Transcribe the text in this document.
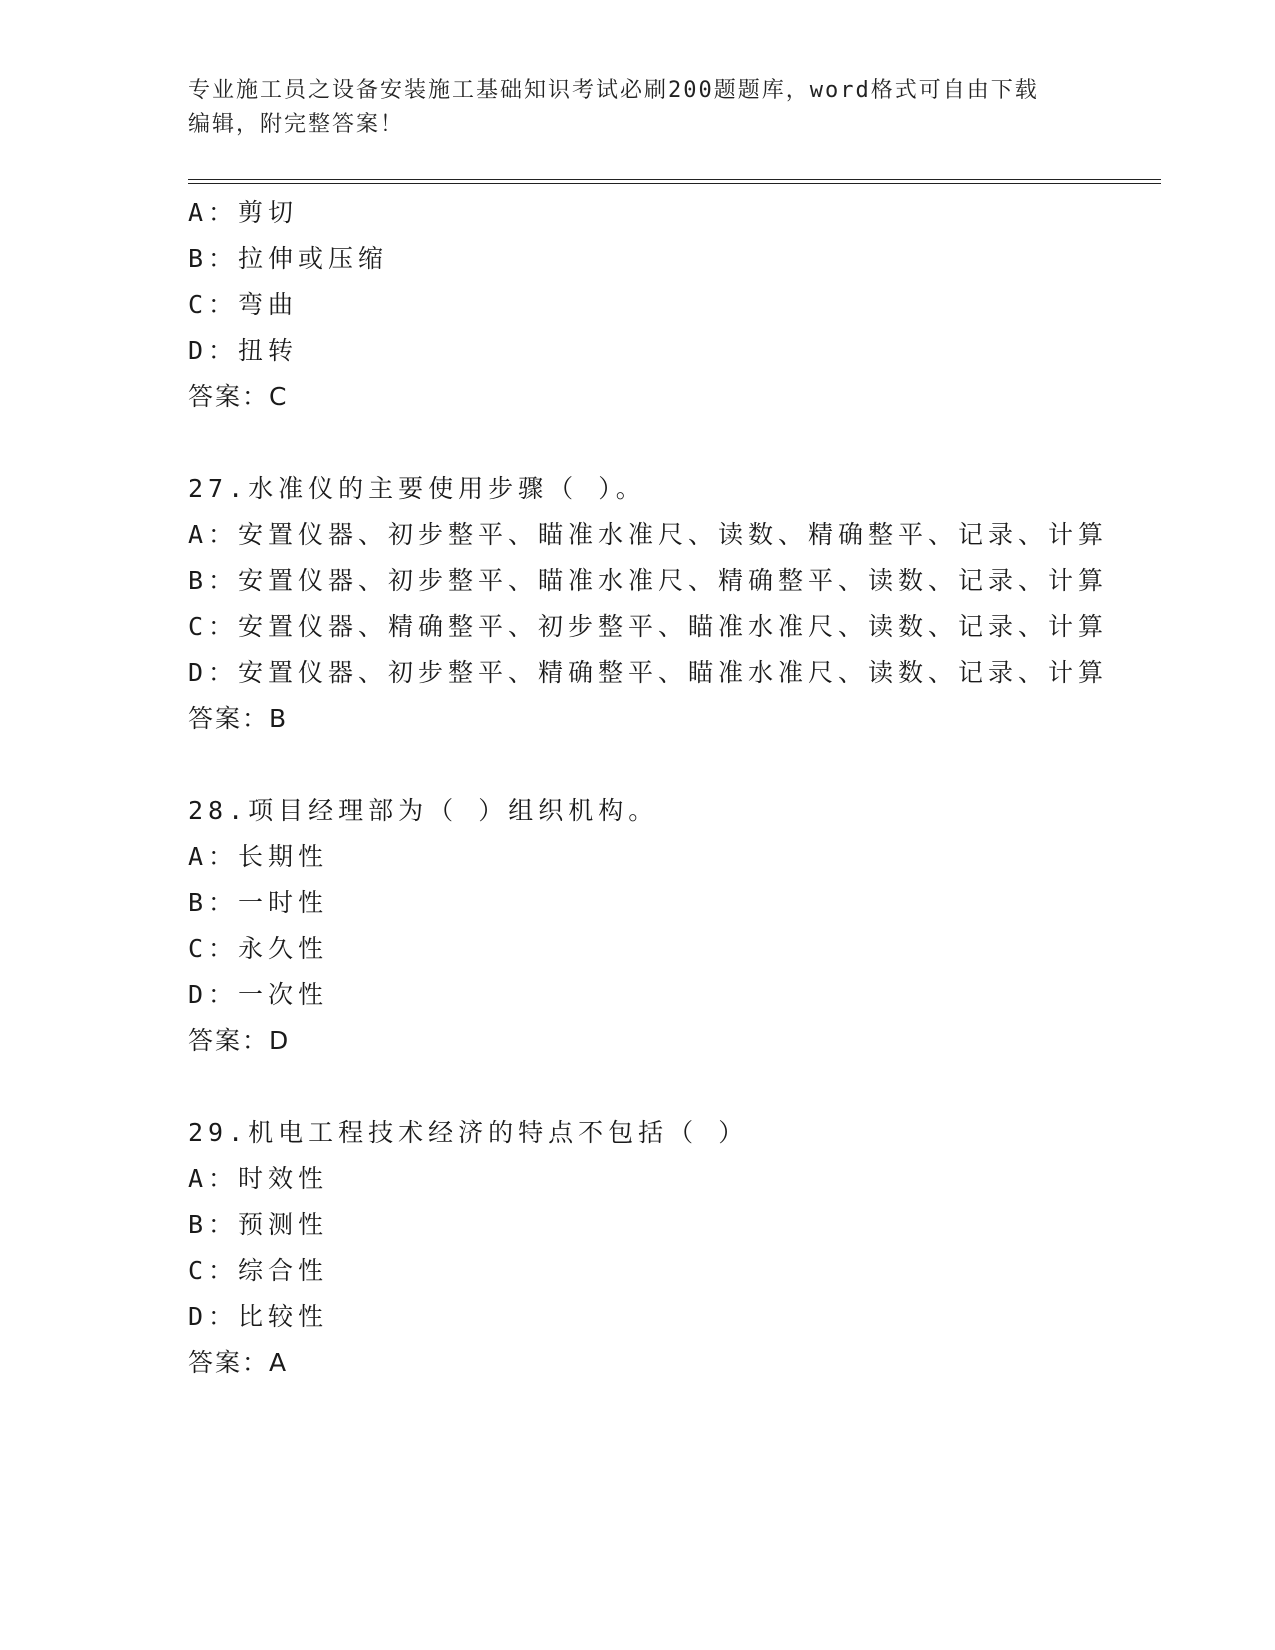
专业施工员之设备安装施工基础知识考试必刷200题题库，word格式可自由下载
编辑，附完整答案！
A：剪切
B：拉伸或压缩
C：弯曲
D：扭转
答案：C
27.水准仪的主要使用步骤（ ）。
A：安置仪器、初步整平、瞄准水准尺、读数、精确整平、记录、计算
B：安置仪器、初步整平、瞄准水准尺、精确整平、读数、记录、计算
C：安置仪器、精确整平、初步整平、瞄准水准尺、读数、记录、计算
D：安置仪器、初步整平、精确整平、瞄准水准尺、读数、记录、计算
答案：B
28.项目经理部为（ ）组织机构。
A：长期性
B：一时性
C：永久性
D：一次性
答案：D
29.机电工程技术经济的特点不包括（ ）
A：时效性
B：预测性
C：综合性
D：比较性
答案：A
